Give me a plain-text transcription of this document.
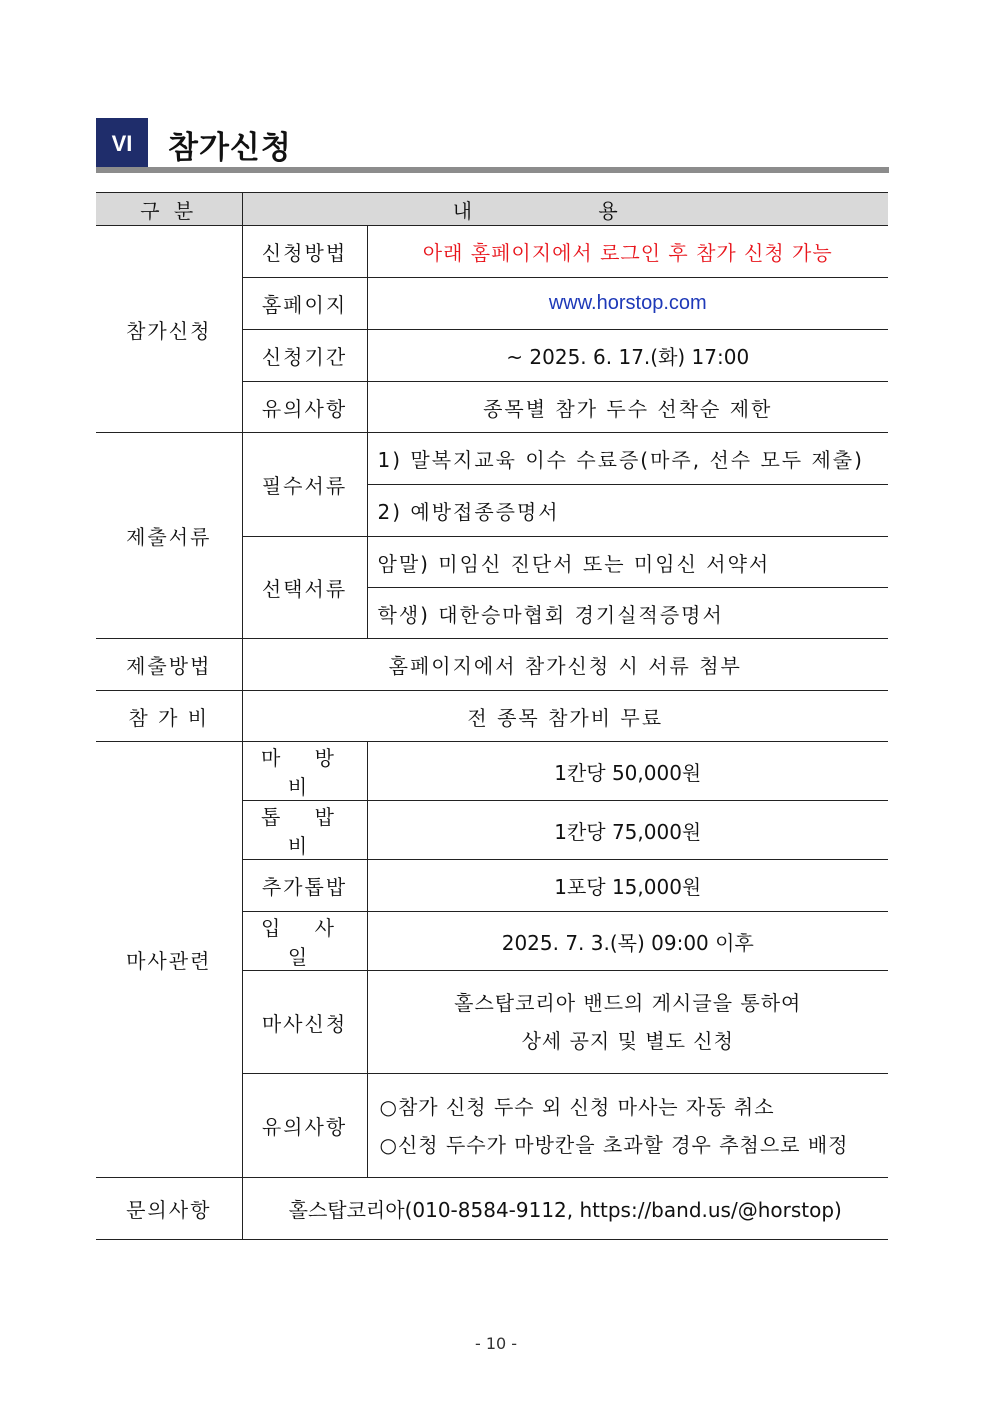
VI	참가신청
구 분	내 용	
참가신청	신청방법	아래 홈페이지에서 로그인 후 참가 신청 가능
	홈페이지	www.horstop.com
	신청기간	~ 2025. 6. 17.(화) 17:00
	유의사항	종목별 참가 두수 선착순 제한
제출서류	필수서류	1) 말복지교육 이수 수료증(마주, 선수 모두 제출)
		2) 예방접종증명서
	선택서류	암말) 미임신 진단서 또는 미임신 서약서
		학생) 대한승마협회 경기실적증명서
제출방법	홈페이지에서 참가신청 시 서류 첨부	
참 가 비	전 종목 참가비 무료	
마사관련	마 방 비	1칸당 50,000원
	톱 밥 비	1칸당 75,000원
	추가톱밥	1포당 15,000원
	입 사 일	2025. 7. 3.(목) 09:00 이후
	마사신청	홀스탑코리아 밴드의 게시글을 통하여
상세 공지 및 별도 신청

	유의사항	○참가 신청 두수 외 신청 마사는 자동 취소
○신청 두수가 마방칸을 초과할 경우 추첨으로 배정

문의사항	홀스탑코리아(010-8584-9112, https://band.us/@horstop)	
- 10 -
